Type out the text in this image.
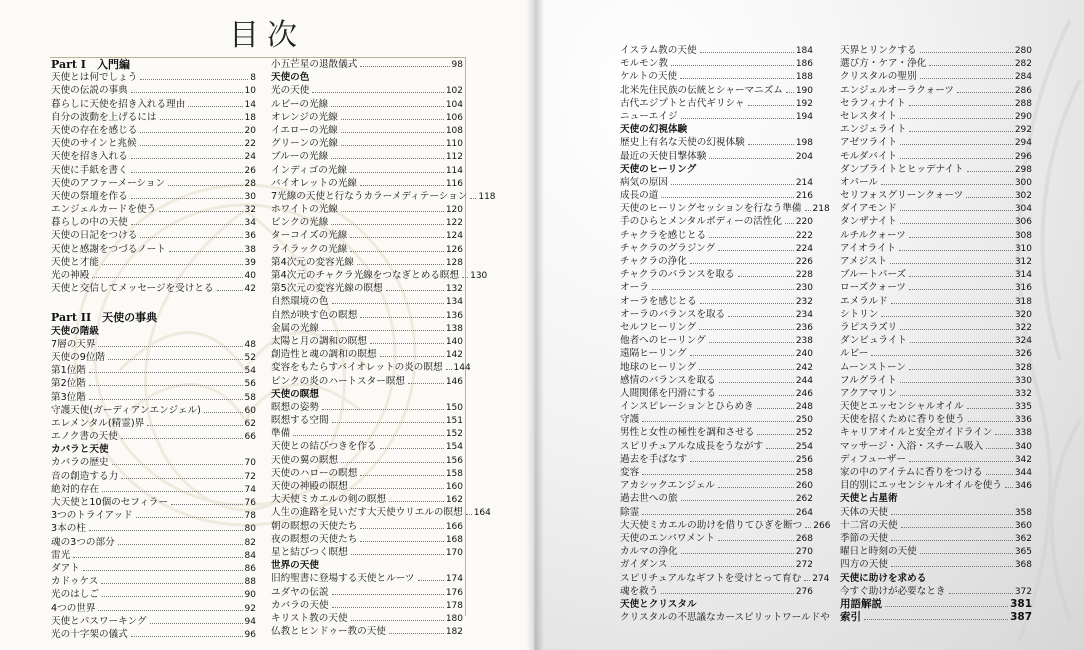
目次
Part I　入門編
天使とは何でしょう	8
天使の伝説の事典	10
暮らしに天使を招き入れる理由	14
自分の波動を上げるには	18
天使の存在を感じる	20
天使のサインと兆候	22
天使を招き入れる	24
天使に手紙を書く	26
天使のアファーメーション	28
天使の祭壇を作る	30
エンジェルカードを使う	32
暮らしの中の天使	34
天使の日記をつける	36
天使と感謝をつづるノート	38
天使と才能	39
光の神殿	40
天使と交信してメッセージを受けとる	42
Part II　天使の事典
天使の階級
7層の天界	48
天使の9位階	52
第1位階	54
第2位階	56
第3位階	58
守護天使(ガーディアンエンジェル)	60
エレメンタル(精霊)界	62
エノク書の天使	66
カバラと天使
カバラの歴史	70
音の創造する力	72
絶対的存在	74
大天使と10個のセフィラー	76
3つのトライアッド	78
3本の柱	80
魂の3つの部分	82
雷光	84
ダアト	86
カドゥケス	88
光のはしご	90
4つの世界	92
天使とパスワーキング	94
光の十字架の儀式	96
小五芒星の退散儀式	98
天使の色
光の天使	102
ルビーの光線	104
オレンジの光線	106
イエローの光線	108
グリーンの光線	110
ブルーの光線	112
インディゴの光線	114
バイオレットの光線	116
7光線の天使と行なうカラーメディテーション 118
ホワイトの光線	120
ピンクの光線	122
ターコイズの光線	124
ライラックの光線	126
第4次元の変容光線	128
第4次元のチャクラ光線をつなぎとめる瞑想 130
第5次元の変容光線の瞑想	132
自然環境の色	134
自然が映す色の瞑想	136
金属の光線	138
太陽と月の調和の瞑想	140
創造性と魂の調和の瞑想	142
変容をもたらすバイオレットの炎の瞑想 144
ピンクの炎のハートスター瞑想	146
天使の瞑想
瞑想の姿勢	150
瞑想する空間	151
準備	152
天使との結びつきを作る	154
天使の翼の瞑想	156
天使のハローの瞑想	158
天使の神殿の瞑想	160
大天使ミカエルの剣の瞑想	162
人生の進路を見いだす大天使ウリエルの瞑想 164
朝の瞑想の天使たち	166
夜の瞑想の天使たち	168
星と結びつく瞑想	170
世界の天使
旧約聖書に登場する天使とルーツ	174
ユダヤの伝説	176
カバラの天使	178
キリスト教の天使	180
仏教とヒンドゥー教の天使	182
イスラム教の天使	184
モルモン教	186
ケルトの天使	188
北米先住民族の伝統とシャーマニズム 190
古代エジプトと古代ギリシャ	192
ニューエイジ	194
天使の幻視体験
歴史上有名な天使の幻視体験	198
最近の天使目撃体験	204
天使のヒーリング
病気の原因	214
成長の道	216
天使のヒーリングセッションを行なう準備 218
手のひらとメンタルボディーの活性化 220
チャクラを感じとる	222
チャクラのグラジング	224
チャクラの浄化	226
チャクラのバランスを取る	228
オーラ	230
オーラを感じとる	232
オーラのバランスを取る	234
セルフヒーリング	236
他者へのヒーリング	238
遠隔ヒーリング	240
地球のヒーリング	242
感情のバランスを取る	244
人間関係を円滑にする	246
インスピレーションとひらめき	248
守護	250
男性と女性の極性を調和させる	252
スピリチュアルな成長をうながす	254
過去を手ばなす	256
変容	258
アカシックエンジェル	260
過去世への旅	262
除霊	264
大天使ミカエルの助けを借りてひぎを断つ 266
天使のエンパワメント	268
カルマの浄化	270
ガイダンス	272
スピリチュアルなギフトを受けとって育む 274
魂を救う	276
天使とクリスタル
クリスタルの不思議なカースピリットワールドや
天界とリンクする	280
選び方・ケア・浄化	282
クリスタルの聖別	284
エンジェルオーラクォーツ	286
セラフィナイト	288
セレスタイト	290
エンジェライト	292
アゼツライト	294
モルダバイト	296
ダンブライトとヒッデナイト	298
オパール	300
セリフォスグリーンクォーツ	302
ダイアモンド	304
タンザナイト	306
ルチルクォーツ	308
アイオライト	310
アメジスト	312
ブルートパーズ	314
ローズクォーツ	316
エメラルド	318
シトリン	320
ラピスラズリ	322
ダンビュライト	324
ルビー	326
ムーンストーン	328
フルグライト	330
アクアマリン	332
天使とエッセンシャルオイル	335
天使を招くために香りを使う	336
キャリアオイルと安全ガイドライン 338
マッサージ・入浴・スチーム吸入	340
ディフューザー	342
家の中のアイテムに香りをつける	344
目的別にエッセンシャルオイルを使う 346
天使と占星術
天体の天使	358
十二宮の天使	360
季節の天使	362
曜日と時刻の天使	365
四方の天使	368
天使に助けを求める
今すぐ助けが必要なとき	372
用語解説	381
索引	387
